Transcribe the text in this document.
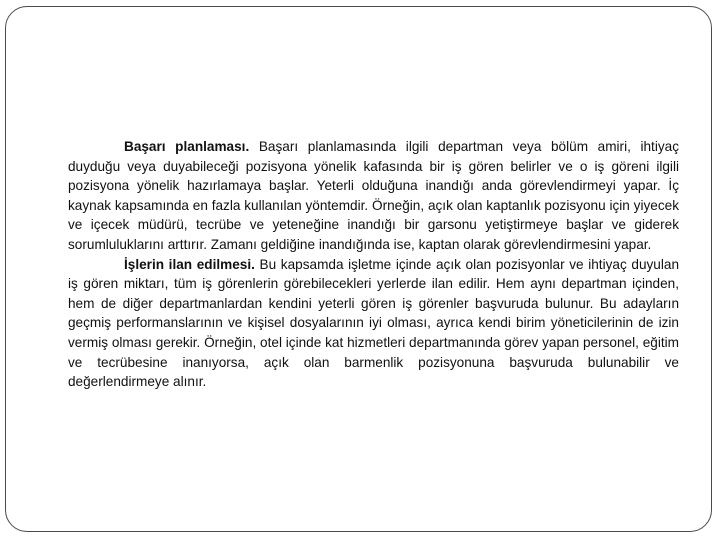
Başarı planlaması. Başarı planlamasında ilgili departman veya bölüm amiri, ihtiyaç duyduğu veya duyabileceği pozisyona yönelik kafasında bir iş gören belirler ve o iş göreni ilgili pozisyona yönelik hazırlamaya başlar. Yeterli olduğuna inandığı anda görevlendirmeyi yapar. İç kaynak kapsamında en fazla kullanılan yöntemdir. Örneğin, açık olan kaptanlık pozisyonu için yiyecek ve içecek müdürü, tecrübe ve yeteneğine inandığı bir garsonu yetiştirmeye başlar ve giderek sorumluluklarını arttırır. Zamanı geldiğine inandığında ise, kaptan olarak görevlendirmesini yapar.

İşlerin ilan edilmesi. Bu kapsamda işletme içinde açık olan pozisyonlar ve ihtiyaç duyulan iş gören miktarı, tüm iş görenlerin görebilecekleri yerlerde ilan edilir. Hem aynı departman içinden, hem de diğer departmanlardan kendini yeterli gören iş görenler başvuruda bulunur. Bu adayların geçmiş performanslarının ve kişisel dosyalarının iyi olması, ayrıca kendi birim yöneticilerinin de izin vermiş olması gerekir. Örneğin, otel içinde kat hizmetleri departmanında görev yapan personel, eğitim ve tecrübesine inanıyorsa, açık olan barmenlik pozisyonuna başvuruda bulunabilir ve değerlendirmeye alınır.
